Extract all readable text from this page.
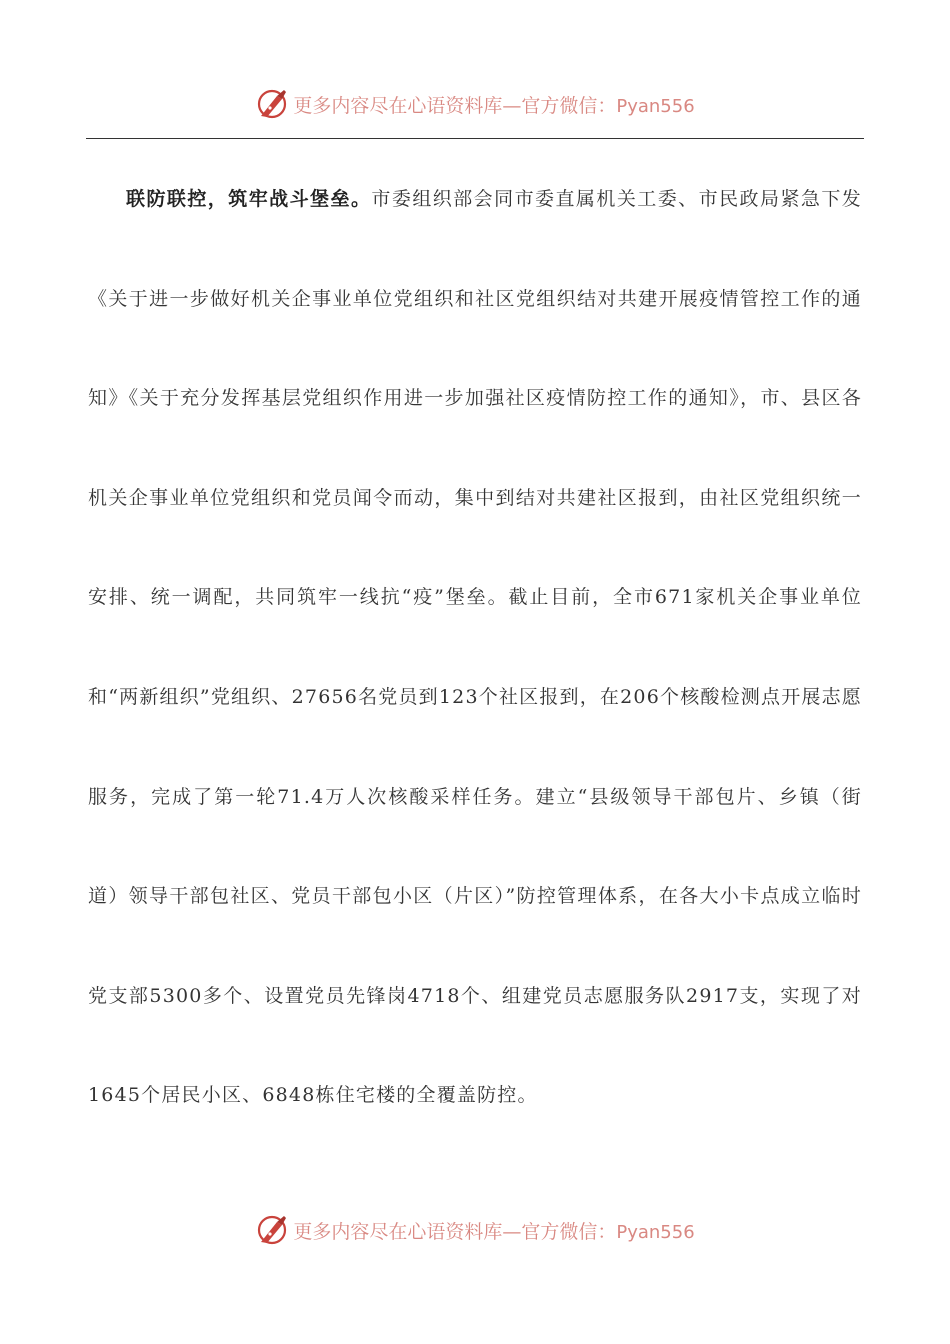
更多内容尽在心语资料库—官方微信：Pyan556

联防联控，筑牢战斗堡垒。市委组织部会同市委直属机关工委、市民政局紧急下发《关于进一步做好机关企事业单位党组织和社区党组织结对共建开展疫情管控工作的通知》《关于充分发挥基层党组织作用进一步加强社区疫情防控工作的通知》，市、县区各机关企事业单位党组织和党员闻令而动，集中到结对共建社区报到，由社区党组织统一安排、统一调配，共同筑牢一线抗“疫”堡垒。截止目前，全市671家机关企事业单位和“两新组织”党组织、27656名党员到123个社区报到，在206个核酸检测点开展志愿服务，完成了第一轮71.4万人次核酸采样任务。建立“县级领导干部包片、乡镇（街道）领导干部包社区、党员干部包小区（片区）”防控管理体系，在各大小卡点成立临时党支部5300多个、设置党员先锋岗4718个、组建党员志愿服务队2917支，实现了对1645个居民小区、6848栋住宅楼的全覆盖防控。

更多内容尽在心语资料库—官方微信：Pyan556
